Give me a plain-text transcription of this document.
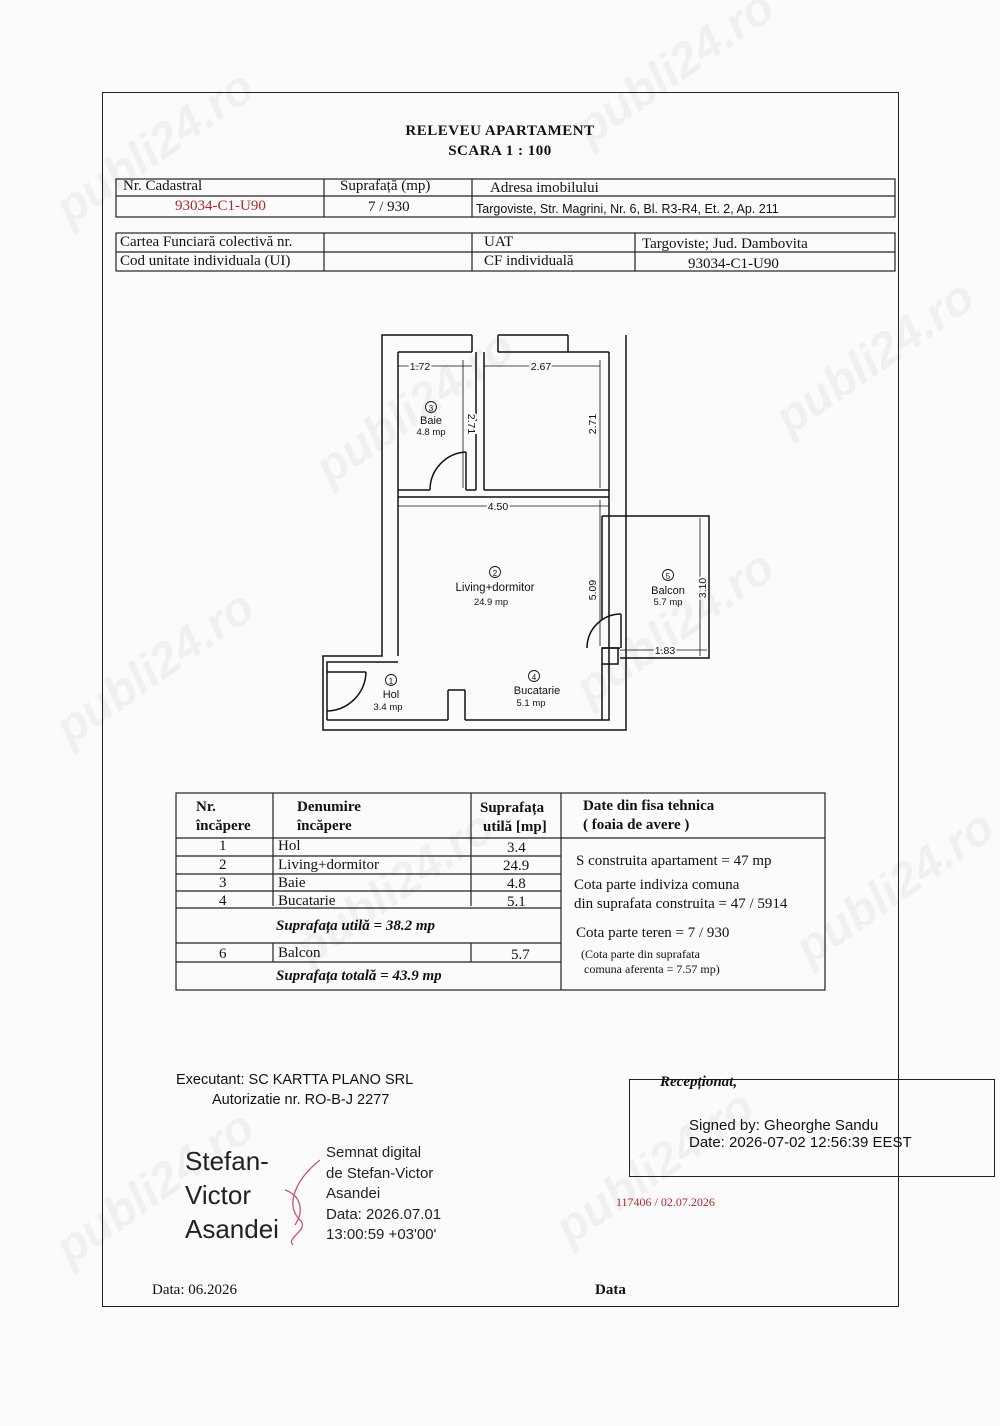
RELEVEU APARTAMENT
SCARA 1 : 100
Nr. Cadastral	Suprafață (mp)	Adresa imobilului
93034-C1-U90	7 / 930	Targoviste, Str. Magrini, Nr. 6, Bl. R3-R4, Et. 2, Ap. 211
Cartea Funciară colectivă nr.	UAT	Targoviste; Jud. Dambovita
Cod unitate individuala (UI)	CF individuală	93034-C1-U90
1.72	2.67
2.71	2.71
4.50
5.09	3.10
1.83
3
Baie
4.8 mp
2
Living+dormitor
24.9 mp
5
Balcon
5.7 mp
1
Hol
3.4 mp
4
Bucatarie
5.1 mp
Nr.
încăpere
Denumire
încăpere
Suprafața
utilă [mp]
Date din fisa tehnica
( foaia de avere )
1	Hol	3.4
2	Living+dormitor	24.9
3	Baie	4.8
4	Bucatarie	5.1
Suprafața utilă = 38.2 mp
6	Balcon	5.7
Suprafața totală = 43.9 mp
S construita apartament = 47 mp
Cota parte indiviza comuna
din suprafata construita = 47 / 5914
Cota parte teren = 7 / 930
(Cota parte din suprafata
comuna aferenta = 7.57 mp)
Executant: SC KARTTA PLANO SRL
Autorizatie nr. RO-B-J 2277
Stefan-
Victor
Asandei
Semnat digital
de Stefan-Victor
Asandei
Data: 2026.07.01
13:00:59 +03'00'
Recepționat,
Signed by: Gheorghe Sandu
Date: 2026-07-02 12:56:39 EEST
117406 / 02.07.2026
Data: 06.2026	Data
